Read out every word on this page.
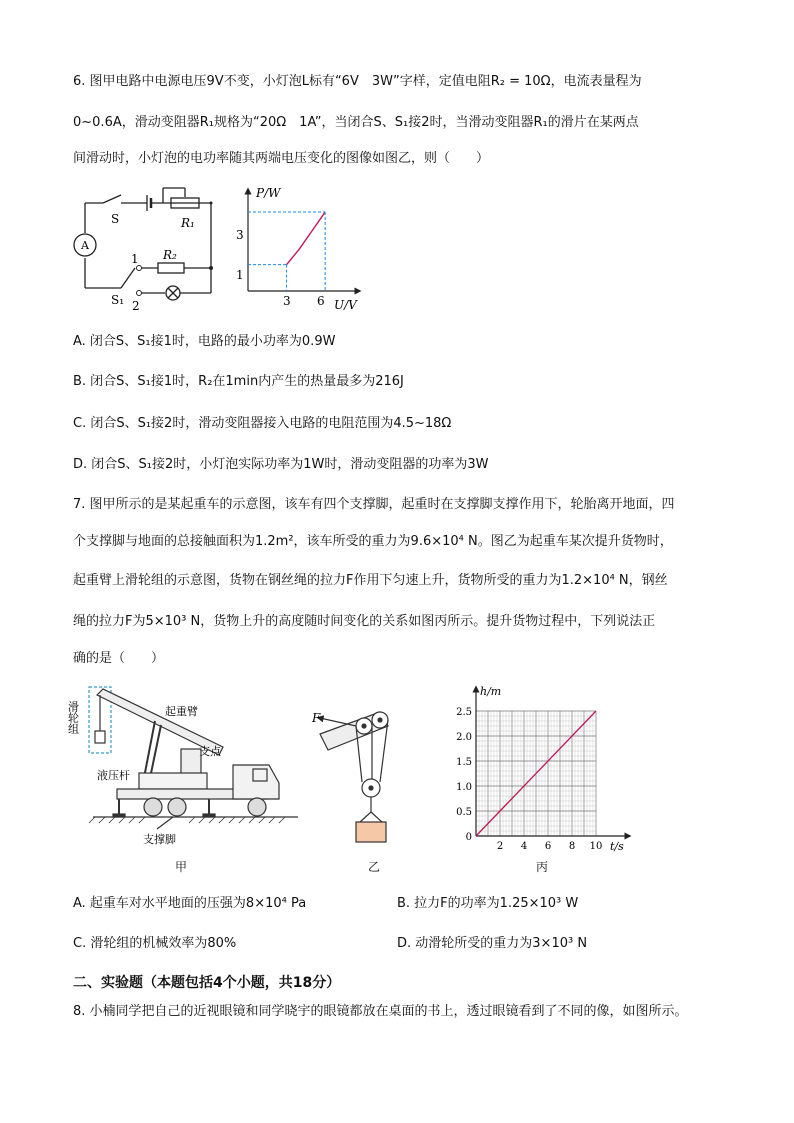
6. 图甲电路中电源电压9V不变，小灯泡L标有“6V　3W”字样，定值电阻R₂ = 10Ω，电流表量程为
0~0.6A，滑动变阻器R₁规格为“20Ω　1A”，当闭合S、S₁接2时，当滑动变阻器R₁的滑片在某两点
间滑动时，小灯泡的电功率随其两端电压变化的图像如图乙，则（　　）
A
S	R₁
R₂
1
2
S₁
P/W
U/V
3
1
3 6
A. 闭合S、S₁接1时，电路的最小功率为0.9W
B. 闭合S、S₁接1时，R₂在1min内产生的热量最多为216J
C. 闭合S、S₁接2时，滑动变阻器接入电路的电阻范围为4.5~18Ω
D. 闭合S、S₁接2时，小灯泡实际功率为1W时，滑动变阻器的功率为3W
7. 图甲所示的是某起重车的示意图，该车有四个支撑脚，起重时在支撑脚支撑作用下，轮胎离开地面，四
个支撑脚与地面的总接触面积为1.2m²，该车所受的重力为9.6×10⁴ N。图乙为起重车某次提升货物时，
起重臂上滑轮组的示意图，货物在钢丝绳的拉力F作用下匀速上升，货物所受的重力为1.2×10⁴ N，钢丝
绳的拉力F为5×10³ N，货物上升的高度随时间变化的关系如图丙所示。提升货物过程中，下列说法正
确的是（　　）
滑轮组	起重臂
支点
液压杆
支撑脚
甲
F
乙
h/m
t/s
0
0.5
1.0
1.5
2.0
2.5
2 4 6 8 10
丙
A. 起重车对水平地面的压强为8×10⁴ Pa	B. 拉力F的功率为1.25×10³ W
C. 滑轮组的机械效率为80%	D. 动滑轮所受的重力为3×10³ N
二、实验题（本题包括4个小题，共18分）
8. 小楠同学把自己的近视眼镜和同学晓宇的眼镜都放在桌面的书上，透过眼镜看到了不同的像，如图所示。
